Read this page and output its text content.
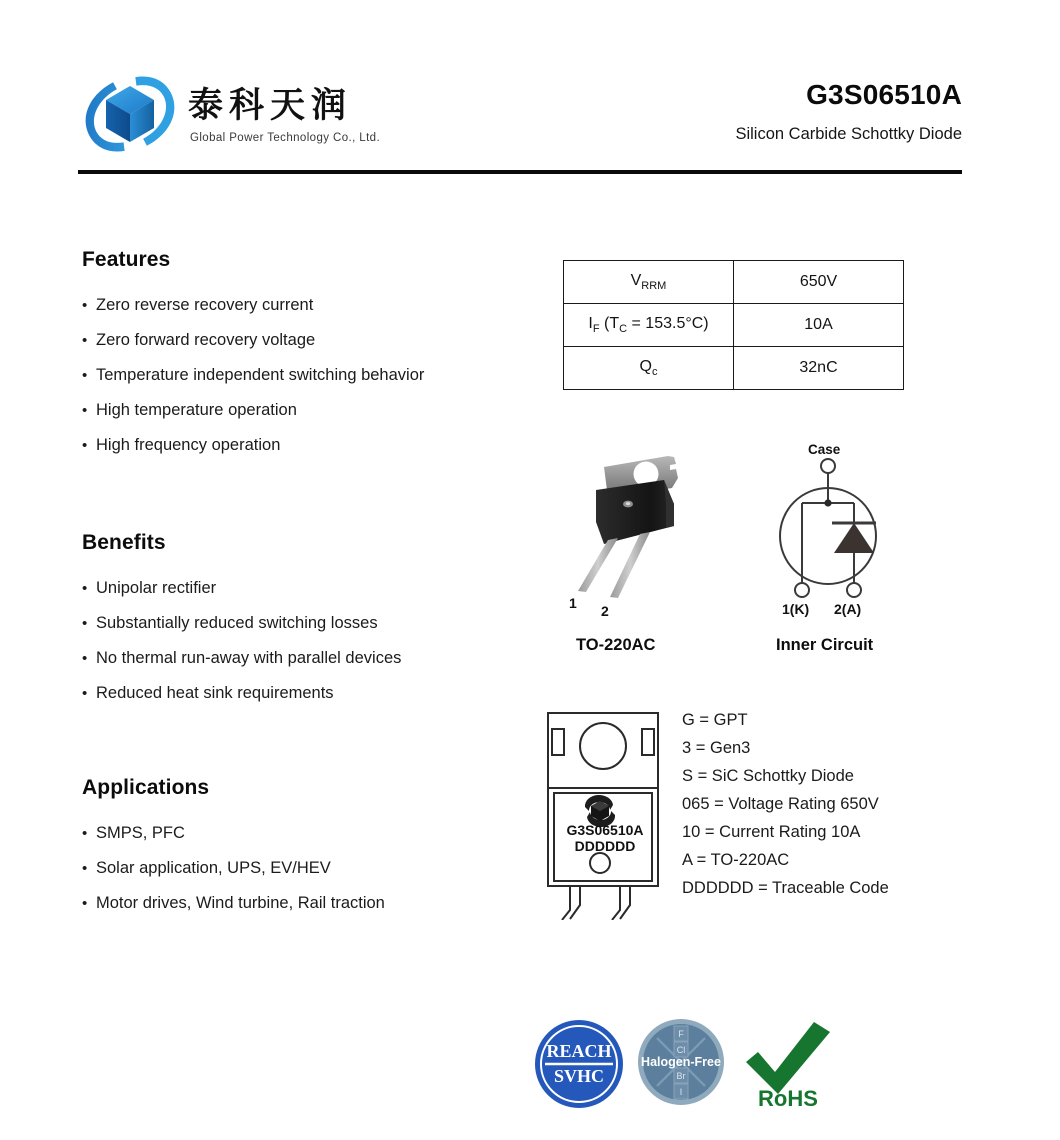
泰科天润
Global Power Technology Co., Ltd.
G3S06510A
Silicon Carbide Schottky Diode
Features
• Zero reverse recovery current
• Zero forward recovery voltage
• Temperature independent switching behavior
• High temperature operation
• High frequency operation
Benefits
• Unipolar rectifier
• Substantially reduced switching losses
• No thermal run-away with parallel devices
• Reduced heat sink requirements
Applications
• SMPS, PFC
• Solar application, UPS, EV/HEV
• Motor drives, Wind turbine, Rail traction
$V_{RRM}$	650V
$I_F$ $(T_C = 153.5^\circ C)$	10A
$Q_c$	32nC
1 2
TO-220AC
Case
1(K) 2(A)
Inner Circuit
G3S06510A
DDDDDD
G = GPT
3 = Gen3
S = SiC Schottky Diode
065 = Voltage Rating 650V
10 = Current Rating 10A
A = TO-220AC
DDDDDD = Traceable Code
REACH
SVHC
F
Cl
Br
I
Halogen-Free
RoHS
